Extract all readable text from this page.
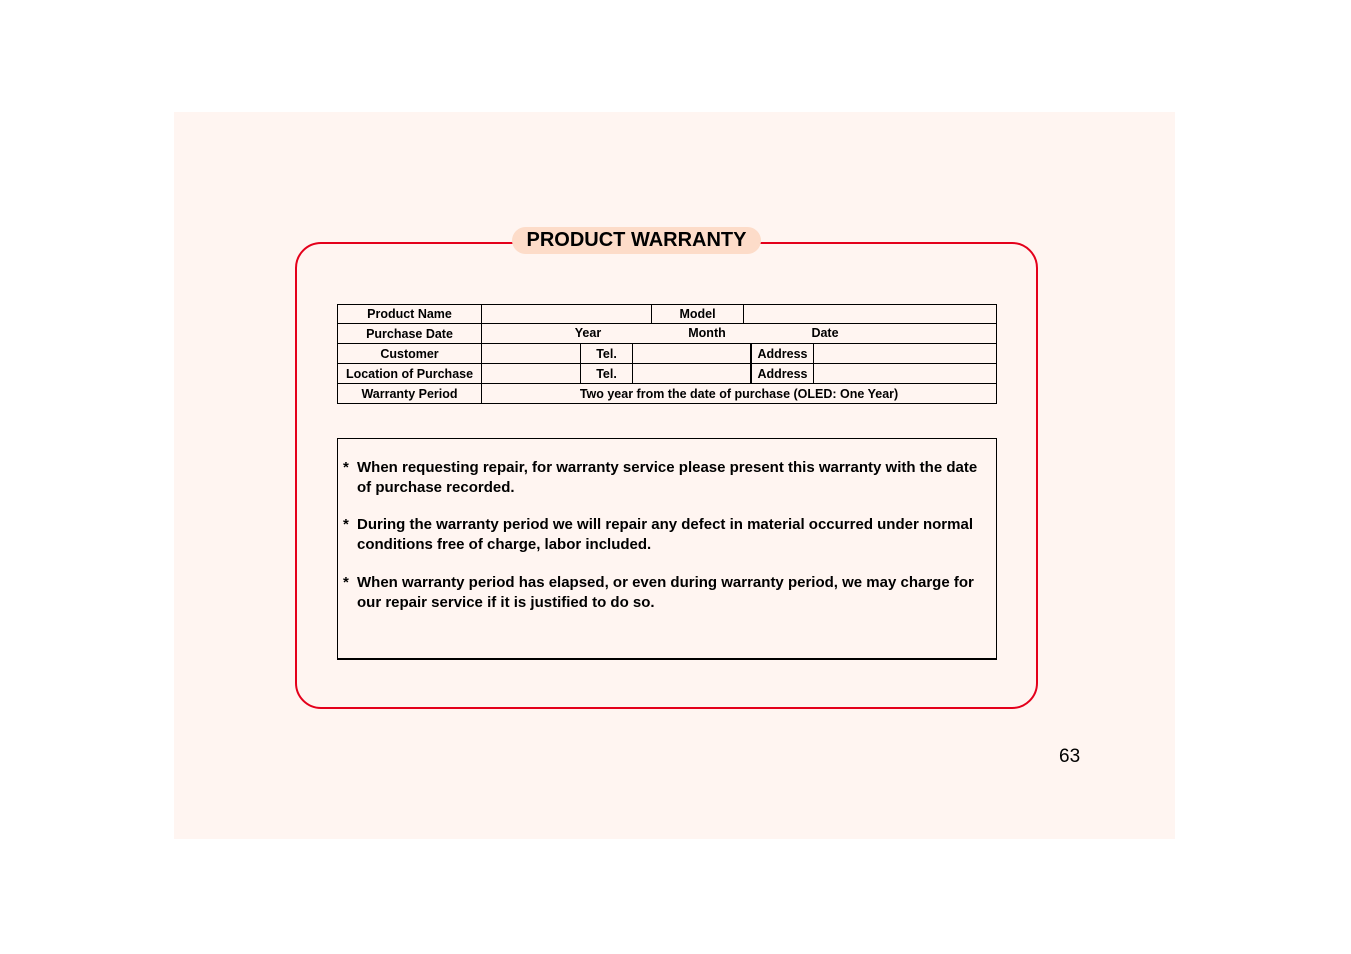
PRODUCT WARRANTY
Product Name	Model
Purchase Date	Year	Month	Date
Customer	Tel.	Address
Location of Purchase	Tel.	Address
Warranty Period	Two year from the date of purchase (OLED: One Year)
* When requesting repair, for warranty service please present this warranty with the date of purchase recorded.
* During the warranty period we will repair any defect in material occurred under normal conditions free of charge, labor included.
* When warranty period has elapsed, or even during warranty period, we may charge for our repair service if it is justified to do so.
63
